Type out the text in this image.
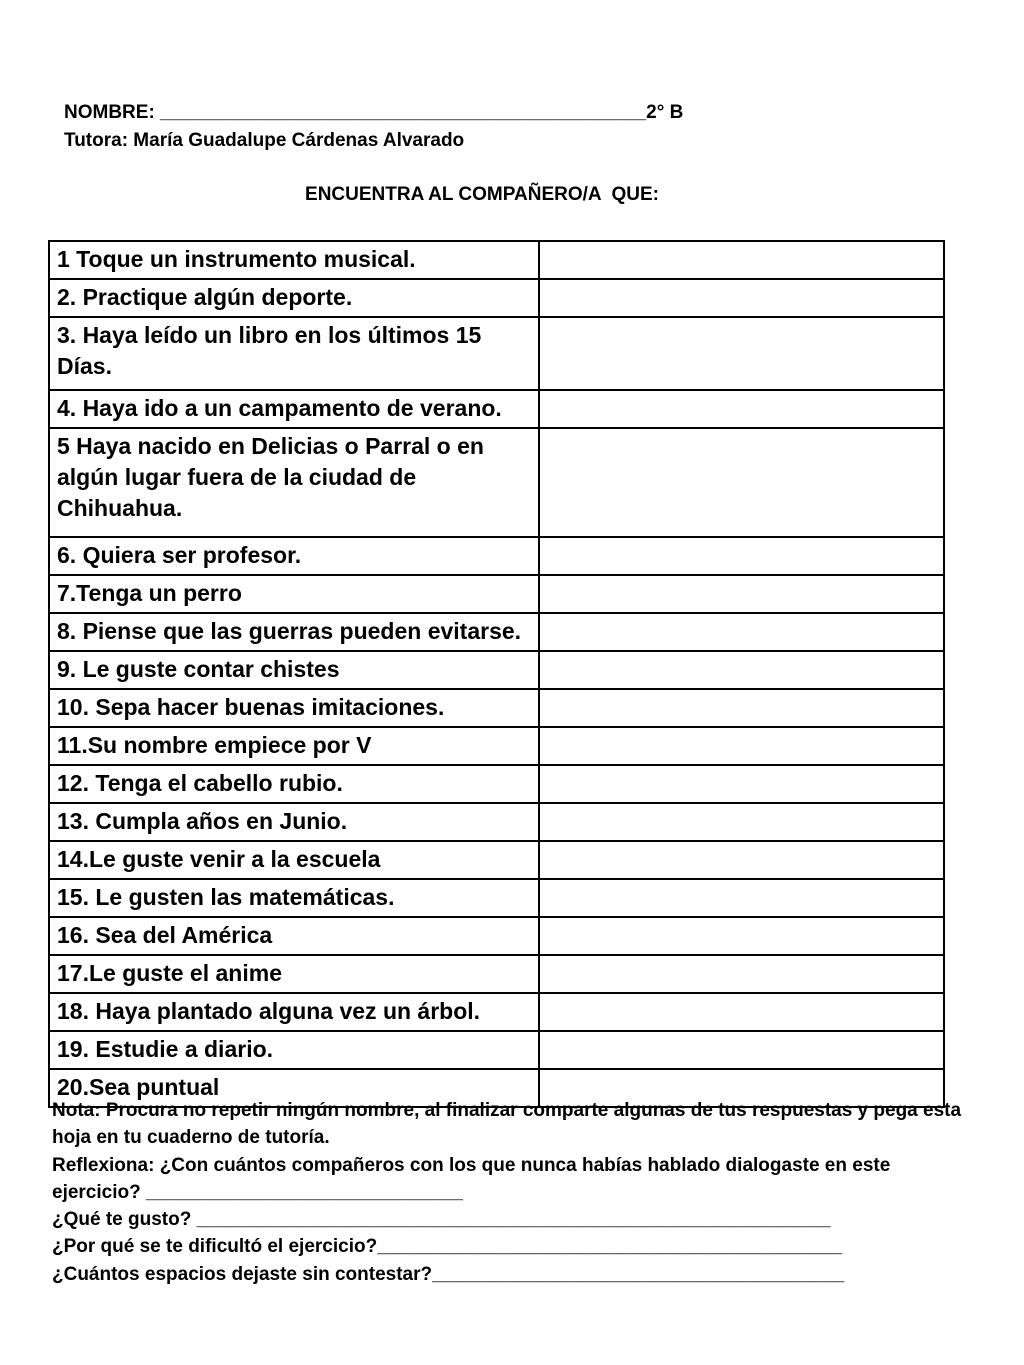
NOMBRE: ______________________________________________2° B
Tutora: María Guadalupe Cárdenas Alvarado
ENCUENTRA AL COMPAÑERO/A  QUE:
1 Toque un instrumento musical.	
2. Practique algún deporte.	
3. Haya leído un libro en los últimos 15 Días.	
4. Haya ido a un campamento de verano.	
5 Haya nacido en Delicias o Parral o en algún lugar fuera de la ciudad de Chihuahua.	
6. Quiera ser profesor.	
7.Tenga un perro	
8. Piense que las guerras pueden evitarse.	
9. Le guste contar chistes	
10. Sepa hacer buenas imitaciones.	
11.Su nombre empiece por V	
12. Tenga el cabello rubio.	
13. Cumpla años en Junio.	
14.Le guste venir a la escuela	
15. Le gusten las matemáticas.	
16. Sea del América	
17.Le guste el anime	
18. Haya plantado alguna vez un árbol.	
19. Estudie a diario.	
20.Sea puntual	
Nota: Procura no repetir ningún nombre, al finalizar comparte algunas de tus respuestas y pega esta hoja en tu cuaderno de tutoría.
Reflexiona: ¿Con cuántos compañeros con los que nunca habías hablado dialogaste en este ejercicio? ______________________________
¿Qué te gusto? ____________________________________________________________
¿Por qué se te dificultó el ejercicio?____________________________________________
¿Cuántos espacios dejaste sin contestar?_______________________________________
